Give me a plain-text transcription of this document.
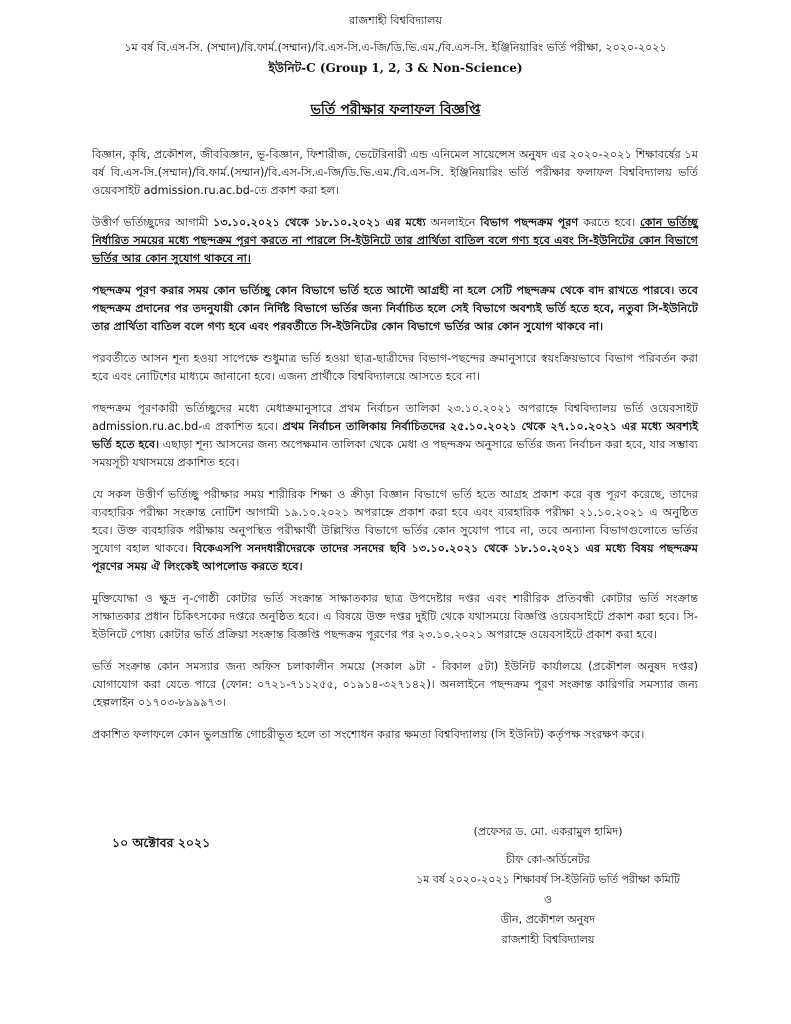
রাজশাহী বিশ্ববিদ্যালয়
১ম বর্ষ বি.এস-সি. (সম্মান)/বি.ফার্ম.(সম্মান)/বি.এস-সি.এ-জি/ডি.ভি.এম./বি.এস-সি. ইঞ্জিনিয়ারিং ভর্তি পরীক্ষা, ২০২০-২০২১
ইউনিট-C (Group 1, 2, 3 & Non-Science)
ভর্তি পরীক্ষার ফলাফল বিজ্ঞপ্তি

বিজ্ঞান, কৃষি, প্রকৌশল, জীববিজ্ঞান, ভূ-বিজ্ঞান, ফিশারীজ, ভেটেরিনারী এন্ড এনিমেল সায়েন্সেস অনুষদ এর ২০২০-২০২১ শিক্ষাবর্ষের ১ম বর্ষ বি.এস-সি.(সম্মান)/বি.ফার্ম.(সম্মান)/বি.এস-সি.এ-জি/ডি.ভি.এম./বি.এস-সি. ইঞ্জিনিয়ারিং ভর্তি পরীক্ষার ফলাফল বিশ্ববিদ্যালয় ভর্তি ওয়েবসাইট admission.ru.ac.bd-তে প্রকাশ করা হল।

উত্তীর্ণ ভর্তিচ্ছুদের আগামী ১৩.১০.২০২১ থেকে ১৮.১০.২০২১ এর মধ্যে অনলাইনে বিভাগ পছন্দক্রম পূরণ করতে হবে। কোন ভর্তিচ্ছু নির্ধারিত সময়ের মধ্যে পছন্দক্রম পূরণ করতে না পারলে সি-ইউনিটে তার প্রার্থিতা বাতিল বলে গণ্য হবে এবং সি-ইউনিটের কোন বিভাগে ভর্তির আর কোন সুযোগ থাকবে না।

পছন্দক্রম পূরণ করার সময় কোন ভর্তিচ্ছু কোন বিভাগে ভর্তি হতে আদৌ আগ্রহী না হলে সেটি পছন্দক্রম থেকে বাদ রাখতে পারবে। তবে পছন্দক্রম প্রদানের পর তদনুযায়ী কোন নির্দিষ্ট বিভাগে ভর্তির জন্য নির্বাচিত হলে সেই বিভাগে অবশ্যই ভর্তি হতে হবে, নতুবা সি-ইউনিটে তার প্রার্থিতা বাতিল বলে গণ্য হবে এবং পরবর্তীতে সি-ইউনিটের কোন বিভাগে ভর্তির আর কোন সুযোগ থাকবে না।

পরবর্তীতে আসন শূন্য হওয়া সাপেক্ষে শুধুমাত্র ভর্তি হওয়া ছাত্র-ছাত্রীদের বিভাগ-পছন্দের ক্রমানুসারে স্বয়ংক্রিয়ভাবে বিভাগ পরিবর্তন করা হবে এবং নোটিশের মাধ্যমে জানানো হবে। এজন্য প্রার্থীকে বিশ্ববিদ্যালয়ে আসতে হবে না।

পছন্দক্রম পূরণকারী ভর্তিচ্ছুদের মধ্যে মেধাক্রমানুসারে প্রথম নির্বাচন তালিকা ২৩.১০.২০২১ অপরাহ্নে বিশ্ববিদ্যালয় ভর্তি ওয়েবসাইট admission.ru.ac.bd-এ প্রকাশিত হবে। প্রথম নির্বাচন তালিকায় নির্বাচিতদের ২৫.১০.২০২১ থেকে ২৭.১০.২০২১ এর মধ্যে অবশ্যই ভর্তি হতে হবে। এছাড়া শূন্য আসনের জন্য অপেক্ষমান তালিকা থেকে মেধা ও পছন্দক্রম অনুসারে ভর্তির জন্য নির্বাচন করা হবে, যার সম্ভাব্য সময়সূচী যথাসময়ে প্রকাশিত হবে।

যে সকল উত্তীর্ণ ভর্তিচ্ছু পরীক্ষার সময় শারীরিক শিক্ষা ও ক্রীড়া বিজ্ঞান বিভাগে ভর্তি হতে আগ্রহ প্রকাশ করে বৃত্ত পূরণ করেছে, তাদের ব্যবহারিক পরীক্ষা সংক্রান্ত নোটিশ আগামী ১৯.১০.২০২১ অপরাহ্নে প্রকাশ করা হবে এবং ব্যবহারিক পরীক্ষা ২১.১০.২০২১ এ অনুষ্ঠিত হবে। উক্ত ব্যবহারিক পরীক্ষায় অনুপস্থিত পরীক্ষার্থী উল্লিখিত বিভাগে ভর্তির কোন সুযোগ পাবে না, তবে অন্যান্য বিভাগগুলোতে ভর্তির সুযোগ বহাল থাকবে। বিকেএসপি সনদধারীদেরকে তাদের সনদের ছবি ১৩.১০.২০২১ থেকে ১৮.১০.২০২১ এর মধ্যে বিষয় পছন্দক্রম পূরণের সময় ঐ লিংকেই আপলোড করতে হবে।

মুক্তিযোদ্ধা ও ক্ষুদ্র নৃ-গোষ্ঠী কোটার ভর্তি সংক্রান্ত সাক্ষাতকার ছাত্র উপদেষ্টার দপ্তর এবং শারীরিক প্রতিবন্ধী কোটার ভর্তি সংক্রান্ত সাক্ষাতকার প্রধান চিকিৎসকের দপ্তরে অনুষ্ঠিত হবে। এ বিষয়ে উক্ত দপ্তর দুইটি থেকে যথাসময়ে বিজ্ঞপ্তি ওয়েবসাইটে প্রকাশ করা হবে। সি-ইউনিটে পোষ্য কোটার ভর্তি প্রক্রিয়া সংক্রান্ত বিজ্ঞপ্তি পছন্দক্রম পূরণের পর ২৩.১০.২০২১ অপরাহ্নে ওয়েবসাইটে প্রকাশ করা হবে।

ভর্তি সংক্রান্ত কোন সমস্যার জন্য অফিস চলাকালীন সময়ে (সকাল ৯টা - বিকাল ৫টা) ইউনিট কার্যালয়ে (প্রকৌশল অনুষদ দপ্তর) যোগাযোগ করা যেতে পারে (ফোন: ০৭২১-৭১১২৫৫, ০১৯১৪-৩২৭১৪২)। অনলাইনে পছন্দক্রম পূরণ সংক্রান্ত কারিগরি সমস্যার জন্য হেল্পলাইন ০১৭০৩-৮৯৯৯৭৩।

প্রকাশিত ফলাফলে কোন ভুলভ্রান্তি গোচরীভূত হলে তা সংশোধন করার ক্ষমতা বিশ্ববিদ্যালয় (সি ইউনিট) কর্তৃপক্ষ সংরক্ষণ করে।

১০ অক্টোবর ২০২১
(প্রফেসর ড. মো. একরামুল হামিদ)
চীফ কো-অর্ডিনেটর
১ম বর্ষ ২০২০-২০২১ শিক্ষাবর্ষ সি-ইউনিট ভর্তি পরীক্ষা কমিটি
ও
ডীন, প্রকৌশল অনুষদ
রাজশাহী বিশ্ববিদ্যালয়
